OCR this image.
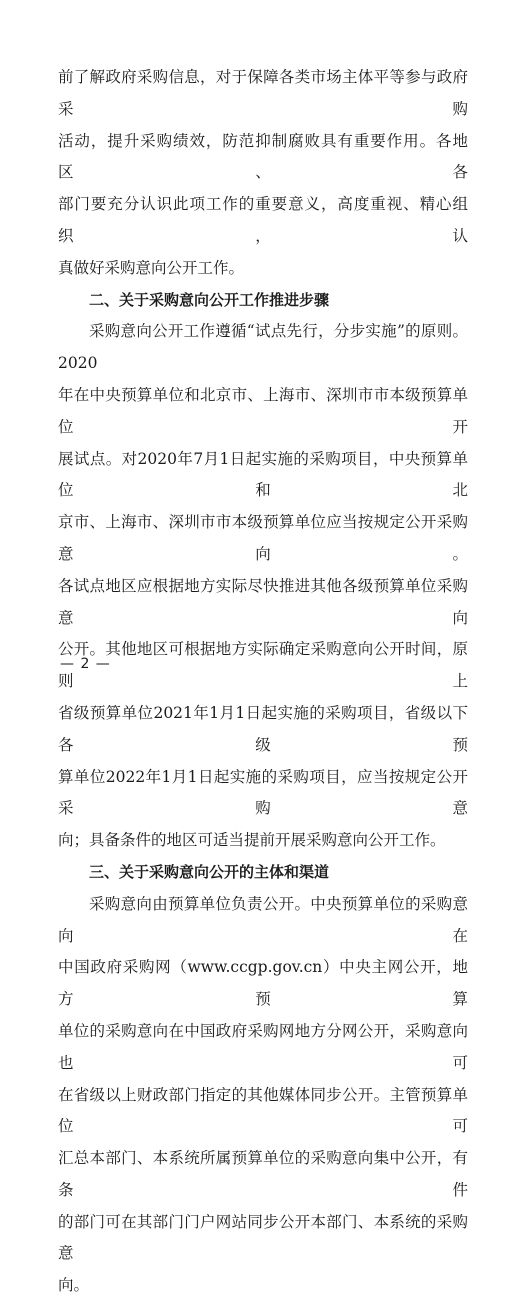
前了解政府采购信息，对于保障各类市场主体平等参与政府采购
活动，提升采购绩效，防范抑制腐败具有重要作用。各地区、各
部门要充分认识此项工作的重要意义，高度重视、精心组织，认
真做好采购意向公开工作。

二、关于采购意向公开工作推进步骤

采购意向公开工作遵循“试点先行，分步实施”的原则。2020
年在中央预算单位和北京市、上海市、深圳市市本级预算单位开
展试点。对2020年7月1日起实施的采购项目，中央预算单位和北
京市、上海市、深圳市市本级预算单位应当按规定公开采购意向。
各试点地区应根据地方实际尽快推进其他各级预算单位采购意向
公开。其他地区可根据地方实际确定采购意向公开时间，原则上
省级预算单位2021年1月1日起实施的采购项目，省级以下各级预
算单位2022年1月1日起实施的采购项目，应当按规定公开采购意
向；具备条件的地区可适当提前开展采购意向公开工作。

三、关于采购意向公开的主体和渠道

采购意向由预算单位负责公开。中央预算单位的采购意向在
中国政府采购网（www.ccgp.gov.cn）中央主网公开，地方预算
单位的采购意向在中国政府采购网地方分网公开，采购意向也可
在省级以上财政部门指定的其他媒体同步公开。主管预算单位可
汇总本部门、本系统所属预算单位的采购意向集中公开，有条件
的部门可在其部门门户网站同步公开本部门、本系统的采购意
向。

— 2 —
